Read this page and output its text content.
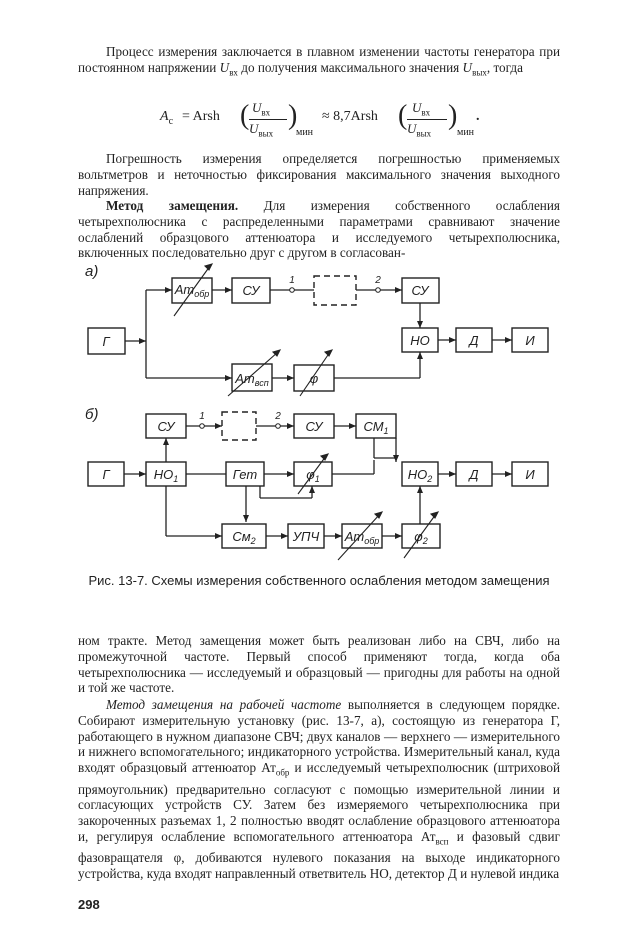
Процесс измерения заключается в плавном изменении частоты генератора при постоянном напряжении $U_{вх}$ до получения максимального значения $U_{вых}$, тогда

$A_c$ = Arsh ( $U_{вх}$
$U_{вых}$
)
мин
≈ 8,7Arsh ( $U_{вх}$
$U_{вых}$
)
мин
.

Погрешность измерения определяется погрешностью применяемых вольтметров и неточностью фиксирования максимального значения выходного напряжения.

Метод замещения. Для измерения собственного ослабления четырехполюсника с распределенными параметрами сравнивают значение ослаблений образцового аттенюатора и исследуемого четырехполюсника, включенных последовательно друг с другом в согласован-

а)
Г
$Ат_{обр}$	СУ	СУ
НО	Д	И
$Ат_{всп}$	φ
1	2
б)
Г	$НО_1$
СУ	СУ	$СМ_1$
Гет	$\varphi_1$	$НО_2$	Д	И
$См_2$	УПЧ $Ат_{обр}$	$\varphi_2$
1	2
Рис. 13-7. Схемы измерения собственного ослабления методом замещения

ном тракте. Метод замещения может быть реализован либо на СВЧ, либо на промежуточной частоте. Первый способ применяют тогда, когда оба четырехполюсника — исследуемый и образцовый — пригодны для работы на одной и той же частоте.

Метод замещения на рабочей частоте выполняется в следующем порядке. Собирают измерительную установку (рис. 13-7, а), состоящую из генератора Г, работающего в нужном диапазоне СВЧ; двух каналов — верхнего — измерительного и нижнего вспомогательного; индикаторного устройства. Измерительный канал, куда входят образцовый аттенюатор $Ат_{обр}$ и исследуемый четырехполюсник (штриховой прямоугольник) предварительно согласуют с помощью измерительной линии и согласующих устройств СУ. Затем без измеряемого четырехполюсника при закороченных разъемах 1, 2 полностью вводят ослабление образцового аттенюатора и, регулируя ослабление вспомогательного аттенюатора $Ат_{всп}$ и фазовый сдвиг фазовращателя φ, добиваются нулевого показания на выходе индикаторного устройства, куда входят направленный ответвитель НО, детектор Д и нулевой индика

298
